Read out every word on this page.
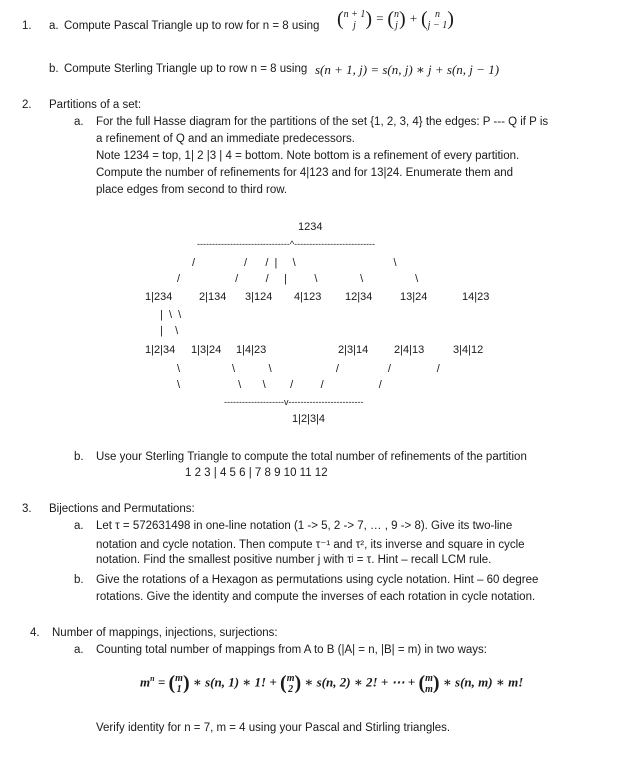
1. a. Compute Pascal Triangle up to row for n = 8 using (n + 1
j ) = (n
j) + ( n
j − 1)
b. Compute Sterling Triangle up to row n = 8 using s(n + 1, j) = s(n, j) ∗ j + s(n, j − 1)
2. Partitions of a set:
a. For the full Hasse diagram for the partitions of the set {1, 2, 3, 4} the edges: P --- Q if P is
a refinement of Q and an immediate predecessors.
Note 1234 = top, 1| 2 |3 | 4 = bottom. Note bottom is a refinement of every partition.
Compute the number of refinements for 4|123 and for 13|24. Enumerate them and
place edges from second to third row.
1234
-------------------------------^---------------------------
/                /      /  |     \                                \
/                  /         /     |         \              \                 \
1|234 2|134 3|124 4|123 12|34	13|24	14|23
|  \  \
|    \
1|2|34 1|3|24 1|4|23	2|3|14 2|4|13	3|4|12
\                 \           \                     /                /               /
\                   \       \        /         /                  /
--------------------v-------------------------
1|2|3|4
b. Use your Sterling Triangle to compute the total number of refinements of the partition
1 2 3 | 4 5 6 | 7 8 9 10 11 12
3. Bijections and Permutations:
a. Let τ = 572631498 in one-line notation (1 -> 5, 2 -> 7, … , 9 -> 8). Give its two-line
notation and cycle notation. Then compute τ⁻¹ and τ², its inverse and square in cycle
notation. Find the smallest positive number j with τʲ = τ. Hint – recall LCM rule.
b. Give the rotations of a Hexagon as permutations using cycle notation. Hint – 60 degree
rotations. Give the identity and compute the inverses of each rotation in cycle notation.
4. Number of mappings, injections, surjections:
a. Counting total number of mappings from A to B (|A| = n, |B| = m) in two ways:
$m^n = (m$
1) ∗ s(n, 1) ∗ 1! + (m
2) ∗ s(n, 2) ∗ 2! + ⋯ + (m
m) ∗ s(n, m) ∗ m!
Verify identity for n = 7, m = 4 using your Pascal and Stirling triangles.
